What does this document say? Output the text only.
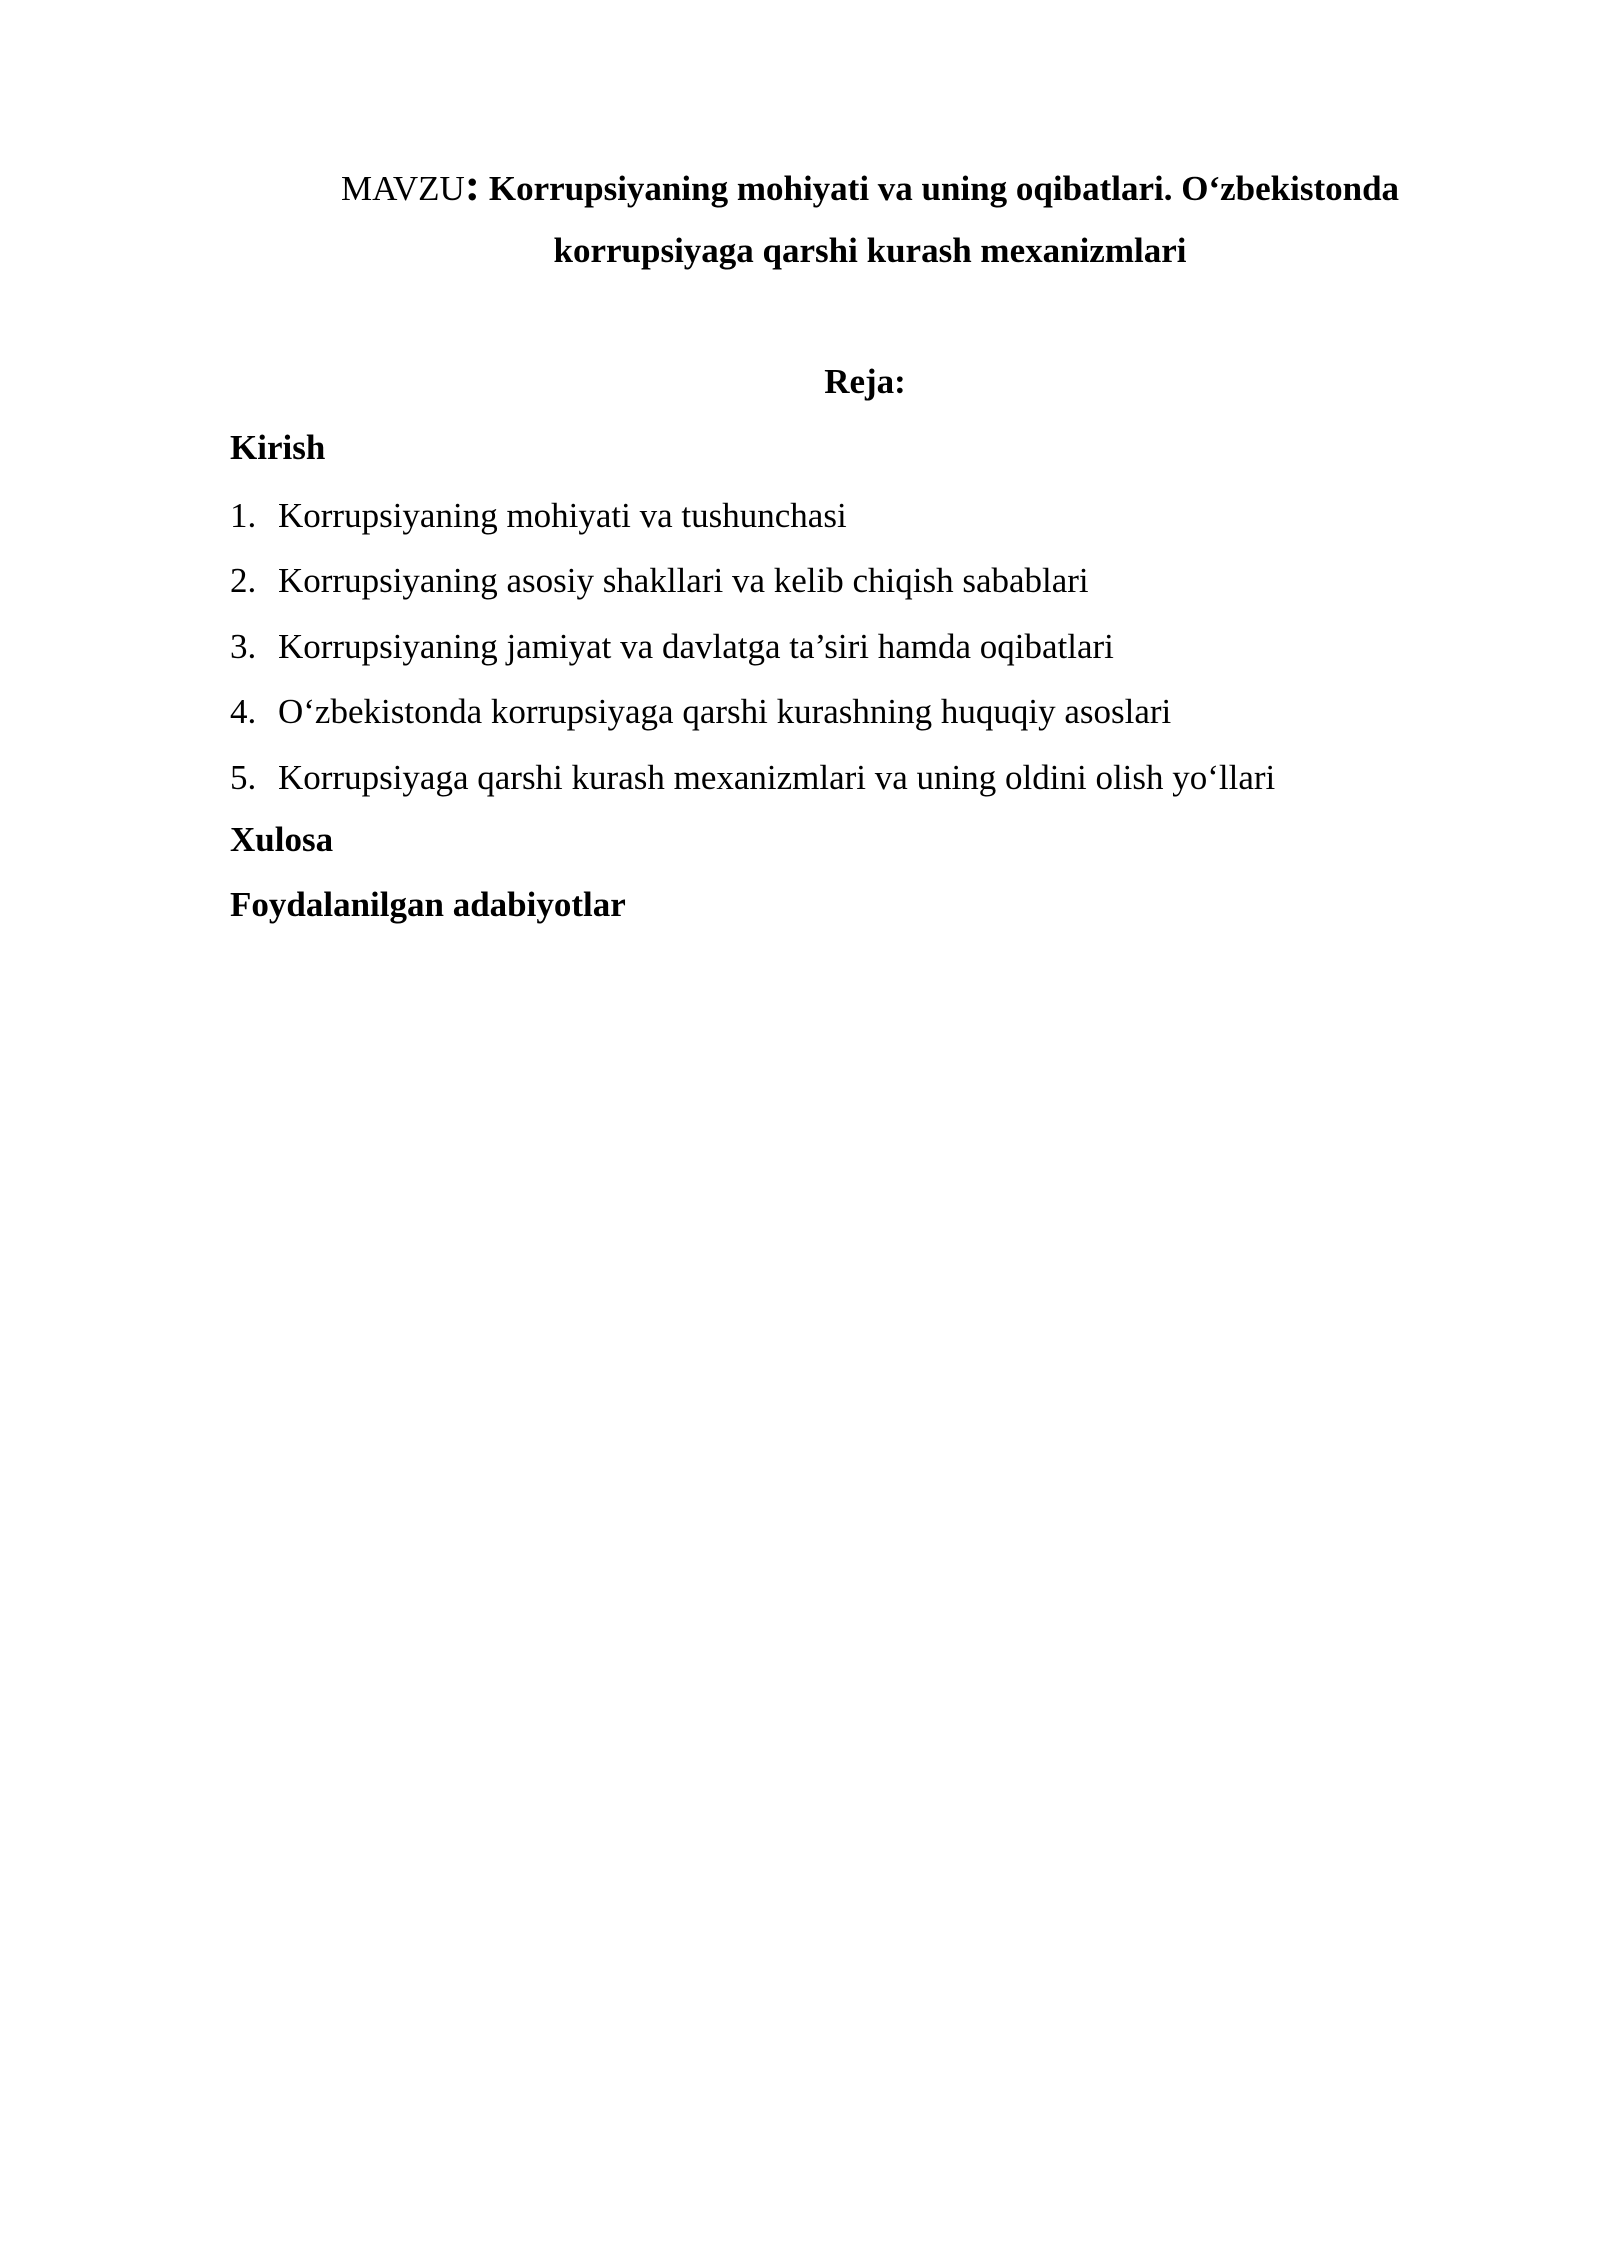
MAVZU: Korrupsiyaning mohiyati va uning oqibatlari. O‘zbekistonda
korrupsiyaga qarshi kurash mexanizmlari
Reja:
Kirish
1. Korrupsiyaning mohiyati va tushunchasi
2. Korrupsiyaning asosiy shakllari va kelib chiqish sabablari
3. Korrupsiyaning jamiyat va davlatga ta’siri hamda oqibatlari
4. O‘zbekistonda korrupsiyaga qarshi kurashning huquqiy asoslari
5. Korrupsiyaga qarshi kurash mexanizmlari va uning oldini olish yo‘llari
Xulosa
Foydalanilgan adabiyotlar
